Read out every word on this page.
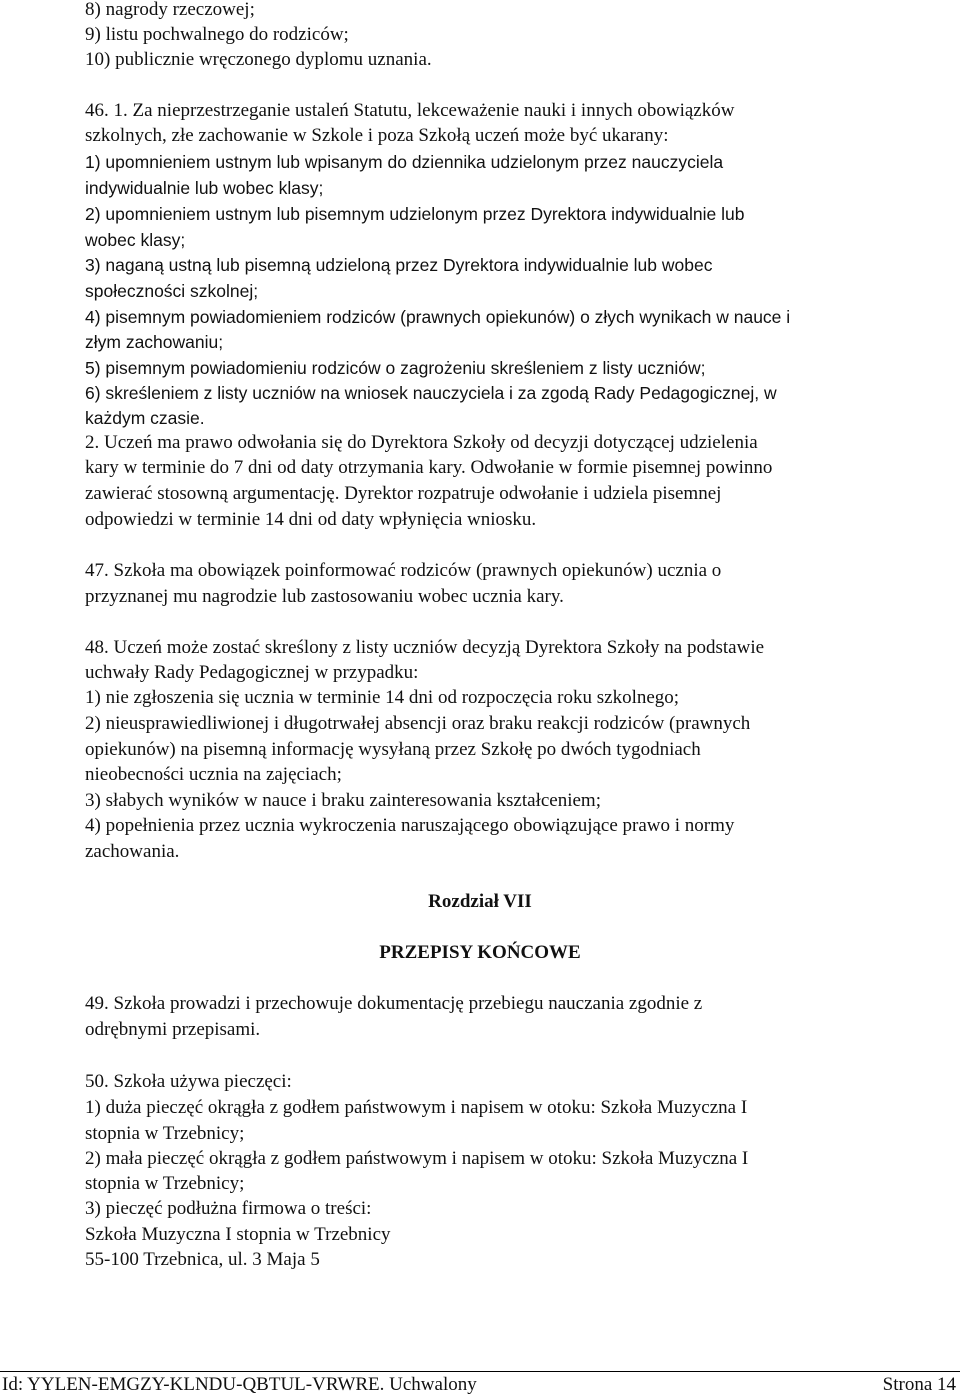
8) nagrody rzeczowej;
9) listu pochwalnego do rodziców;
10) publicznie wręczonego dyplomu uznania.
46. 1. Za nieprzestrzeganie ustaleń Statutu, lekceważenie nauki i innych obowiązków
szkolnych, złe zachowanie w Szkole i poza Szkołą uczeń może być ukarany:
1) upomnieniem ustnym lub wpisanym do dziennika udzielonym przez nauczyciela
indywidualnie lub wobec klasy;
2) upomnieniem ustnym lub pisemnym udzielonym przez Dyrektora indywidualnie lub
wobec klasy;
3) naganą ustną lub pisemną udzieloną przez Dyrektora indywidualnie lub wobec
społeczności szkolnej;
4) pisemnym powiadomieniem rodziców (prawnych opiekunów) o złych wynikach w nauce i
złym zachowaniu;
5) pisemnym powiadomieniu rodziców o zagrożeniu skreśleniem z listy uczniów;
6) skreśleniem z listy uczniów na wniosek nauczyciela i za zgodą Rady Pedagogicznej, w
każdym czasie.
2. Uczeń ma prawo odwołania się do Dyrektora Szkoły od decyzji dotyczącej udzielenia
kary w terminie do 7 dni od daty otrzymania kary. Odwołanie w formie pisemnej powinno
zawierać stosowną argumentację. Dyrektor rozpatruje odwołanie i udziela pisemnej
odpowiedzi w terminie 14 dni od daty wpłynięcia wniosku.
47. Szkoła ma obowiązek poinformować rodziców (prawnych opiekunów) ucznia o
przyznanej mu nagrodzie lub zastosowaniu wobec ucznia kary.
48. Uczeń może zostać skreślony z listy uczniów decyzją Dyrektora Szkoły na podstawie
uchwały Rady Pedagogicznej w przypadku:
1) nie zgłoszenia się ucznia w terminie 14 dni od rozpoczęcia roku szkolnego;
2) nieusprawiedliwionej i długotrwałej absencji oraz braku reakcji rodziców (prawnych
opiekunów) na pisemną informację wysyłaną przez Szkołę po dwóch tygodniach
nieobecności ucznia na zajęciach;
3) słabych wyników w nauce i braku zainteresowania kształceniem;
4) popełnienia przez ucznia wykroczenia naruszającego obowiązujące prawo i normy
zachowania.
Rozdział VII
PRZEPISY KOŃCOWE
49. Szkoła prowadzi i przechowuje dokumentację przebiegu nauczania zgodnie z
odrębnymi przepisami.
50. Szkoła używa pieczęci:
1) duża pieczęć okrągła z godłem państwowym i napisem w otoku: Szkoła Muzyczna I
stopnia w Trzebnicy;
2) mała pieczęć okrągła z godłem państwowym i napisem w otoku: Szkoła Muzyczna I
stopnia w Trzebnicy;
3) pieczęć podłużna firmowa o treści:
Szkoła Muzyczna I stopnia w Trzebnicy
55-100 Trzebnica, ul. 3 Maja 5
Id: YYLEN-EMGZY-KLNDU-QBTUL-VRWRE. Uchwalony	Strona 14
